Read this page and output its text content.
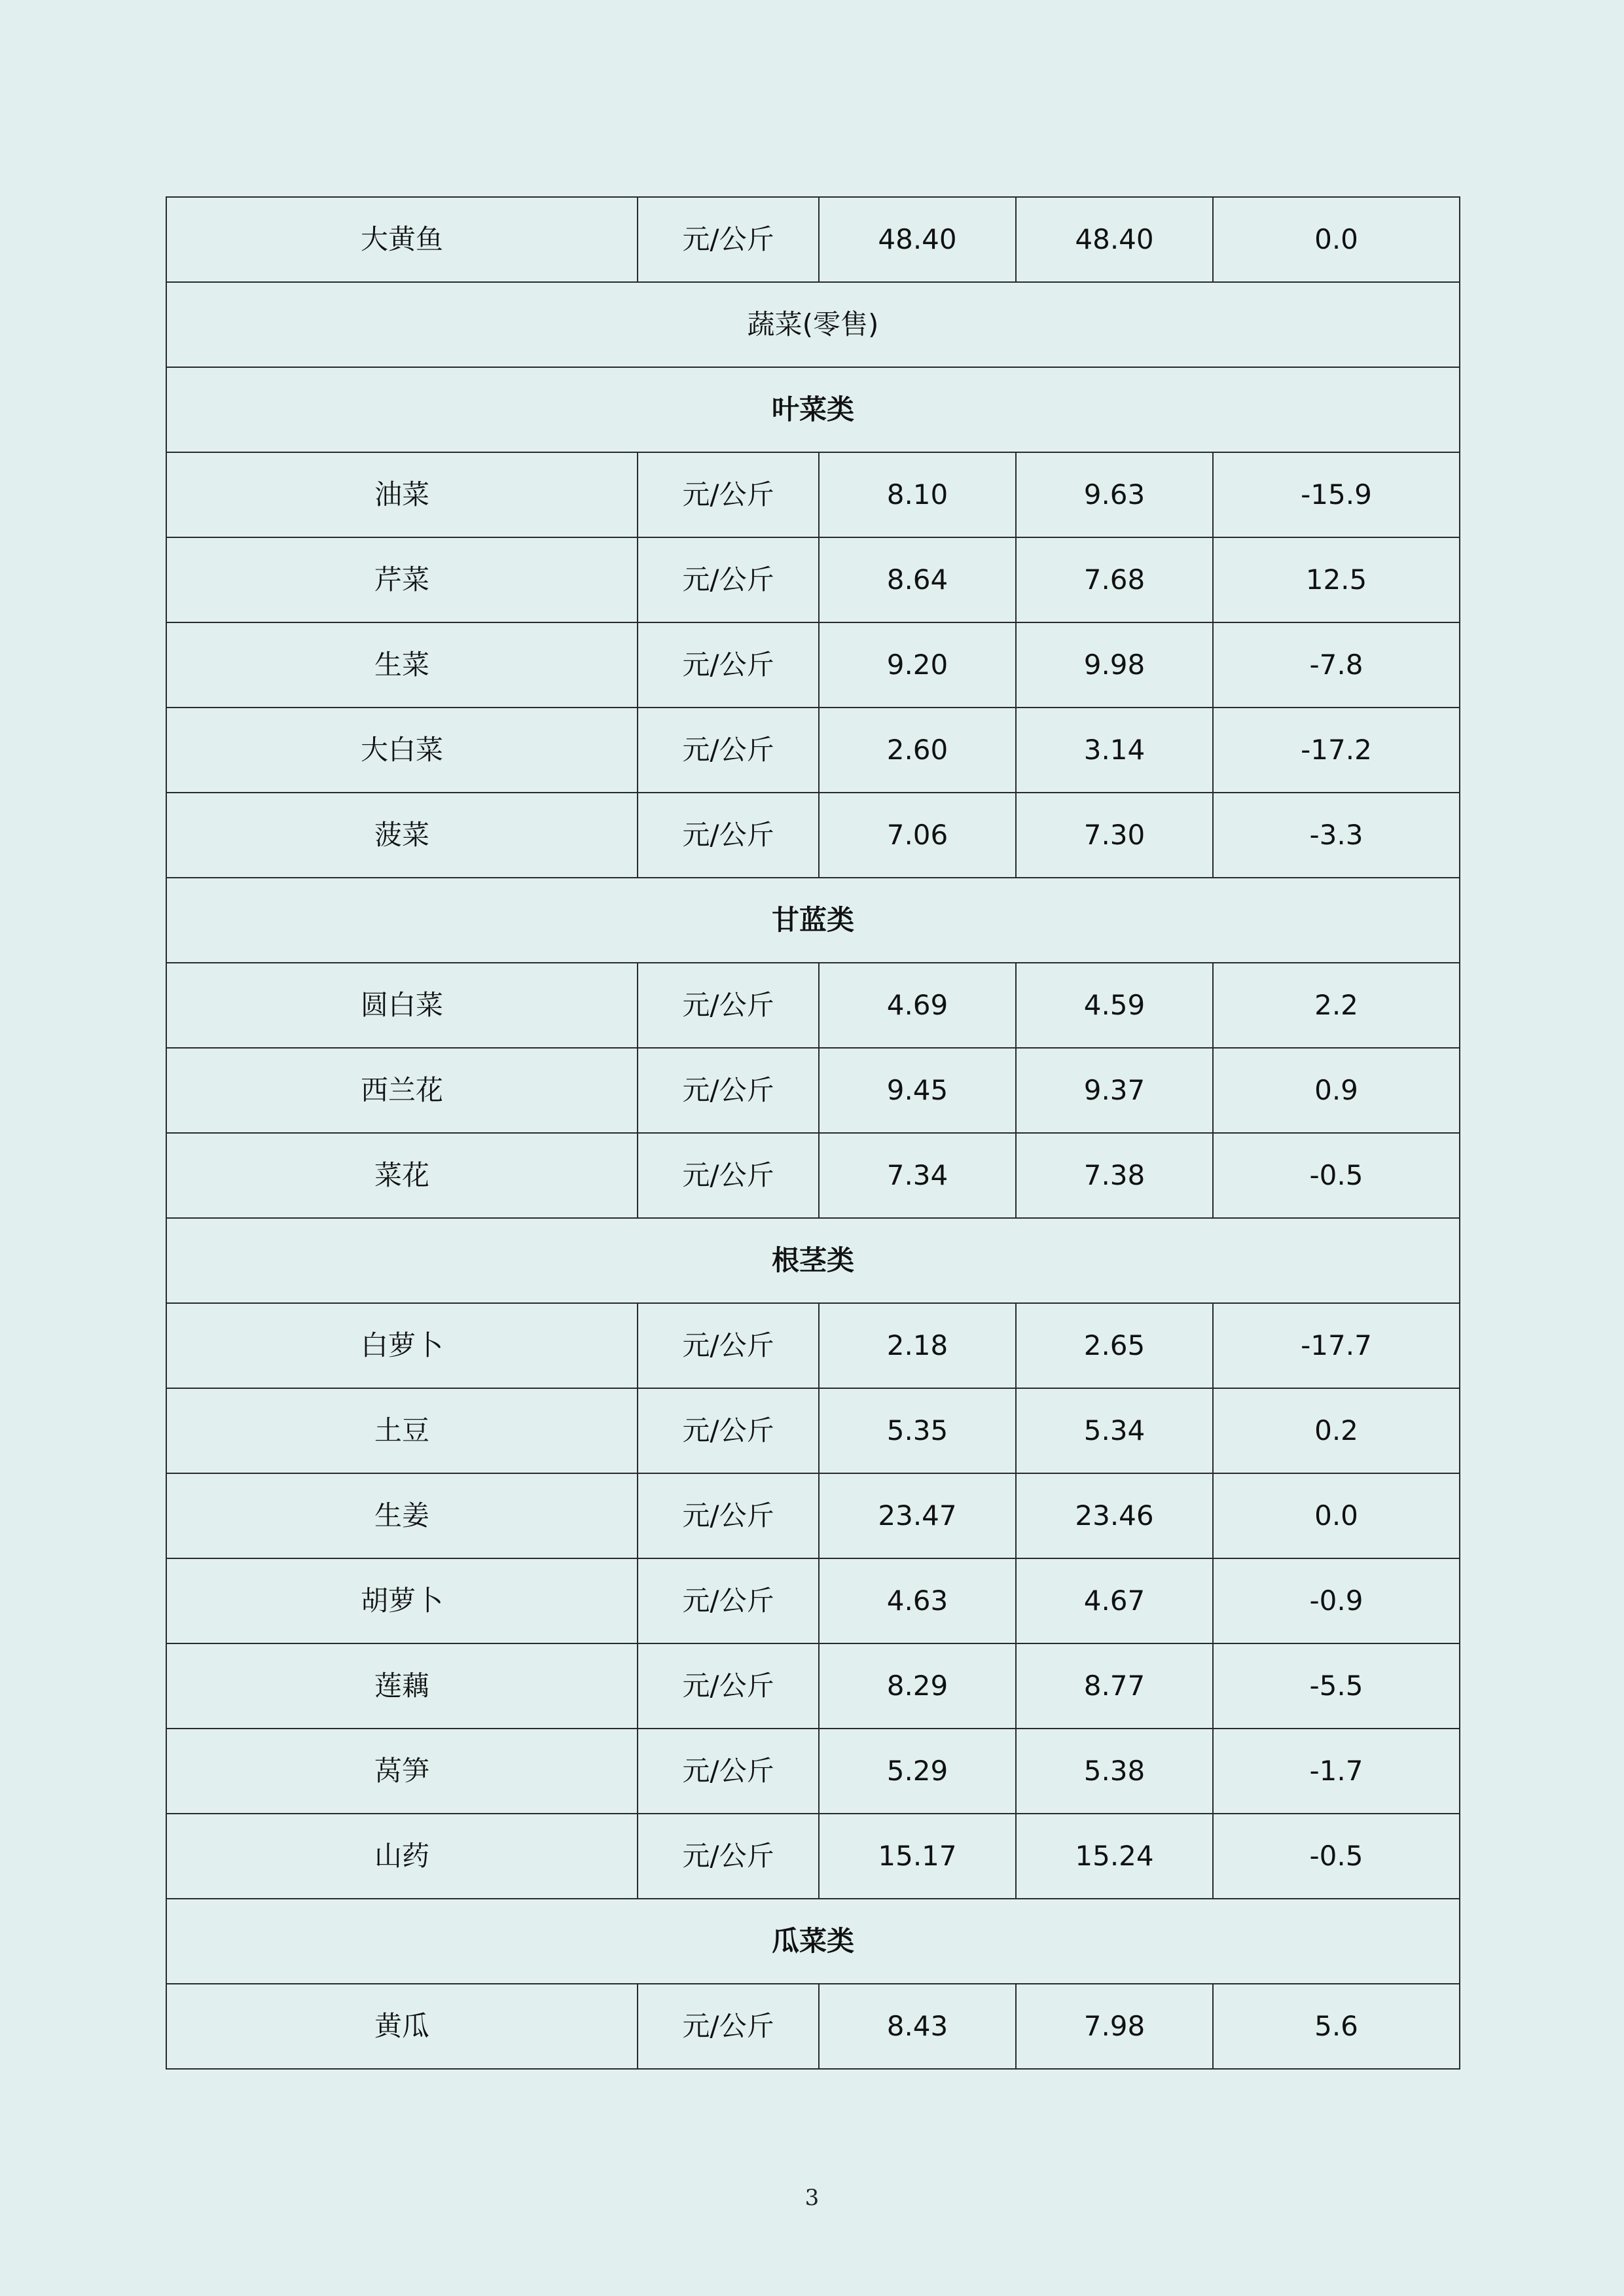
大黄鱼	元/公斤	48.40	48.40	0.0
蔬菜(零售)				
叶菜类				
油菜	元/公斤	8.10	9.63	-15.9
芹菜	元/公斤	8.64	7.68	12.5
生菜	元/公斤	9.20	9.98	-7.8
大白菜	元/公斤	2.60	3.14	-17.2
菠菜	元/公斤	7.06	7.30	-3.3
甘蓝类				
圆白菜	元/公斤	4.69	4.59	2.2
西兰花	元/公斤	9.45	9.37	0.9
菜花	元/公斤	7.34	7.38	-0.5
根茎类				
白萝卜	元/公斤	2.18	2.65	-17.7
土豆	元/公斤	5.35	5.34	0.2
生姜	元/公斤	23.47	23.46	0.0
胡萝卜	元/公斤	4.63	4.67	-0.9
莲藕	元/公斤	8.29	8.77	-5.5
莴笋	元/公斤	5.29	5.38	-1.7
山药	元/公斤	15.17	15.24	-0.5
瓜菜类				
黄瓜	元/公斤	8.43	7.98	5.6
3
